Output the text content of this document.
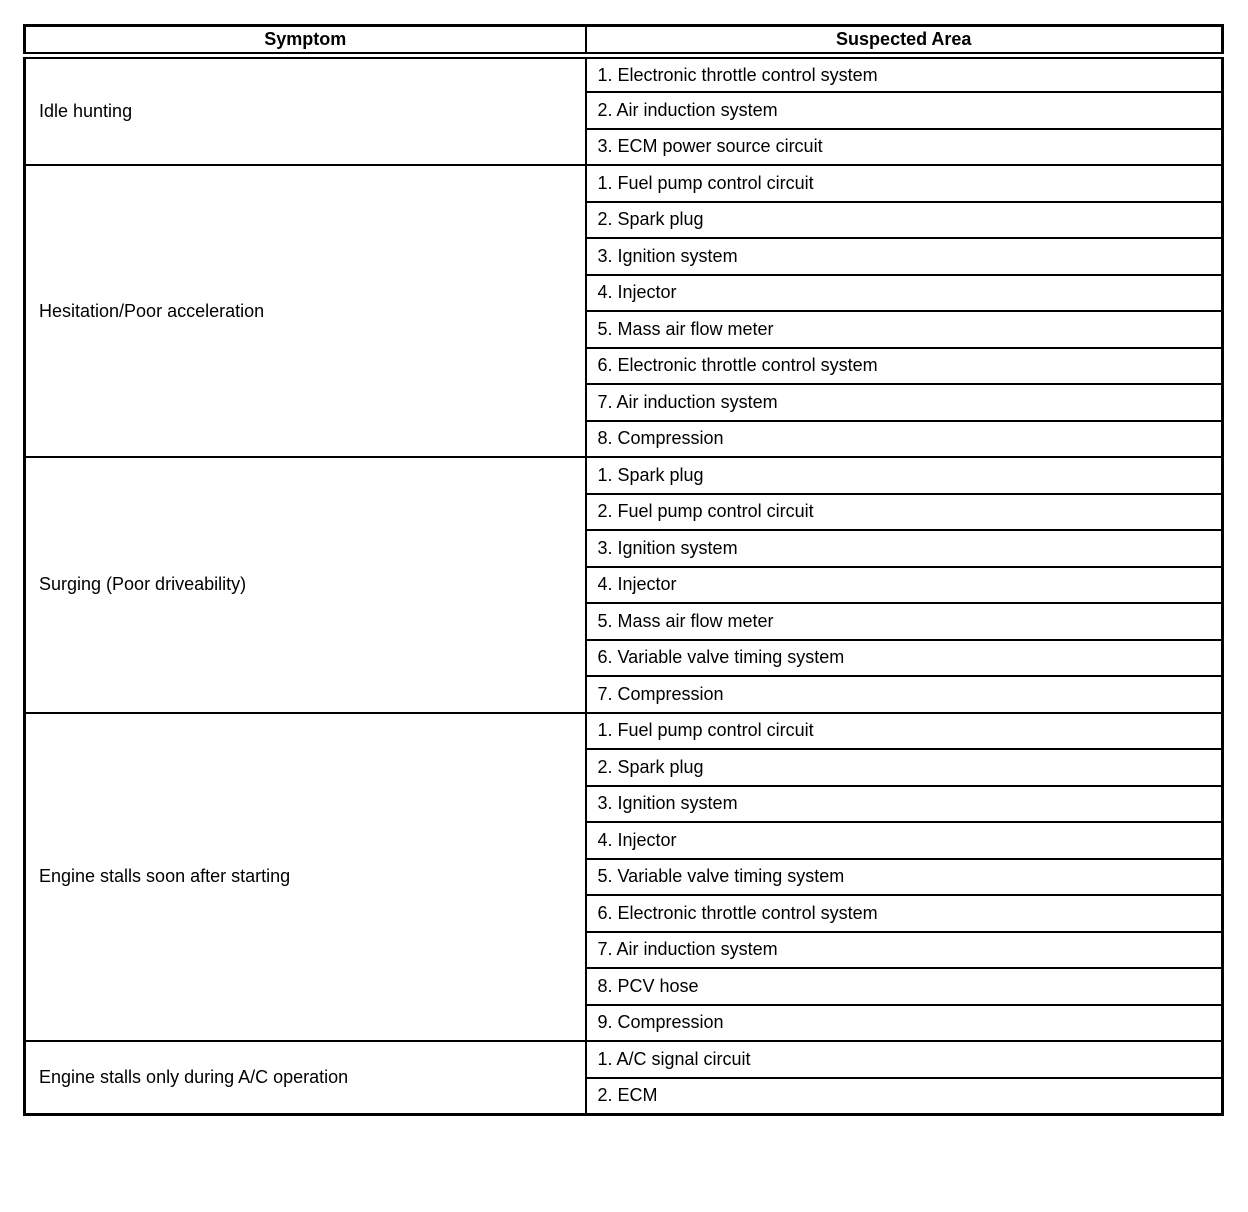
Symptom	Suspected Area
Idle hunting	1. Electronic throttle control system
	2. Air induction system
	3. ECM power source circuit
Hesitation/Poor acceleration	1. Fuel pump control circuit
	2. Spark plug
	3. Ignition system
	4. Injector
	5. Mass air flow meter
	6. Electronic throttle control system
	7. Air induction system
	8. Compression
Surging (Poor driveability)	1. Spark plug
	2. Fuel pump control circuit
	3. Ignition system
	4. Injector
	5. Mass air flow meter
	6. Variable valve timing system
	7. Compression
Engine stalls soon after starting	1. Fuel pump control circuit
	2. Spark plug
	3. Ignition system
	4. Injector
	5. Variable valve timing system
	6. Electronic throttle control system
	7. Air induction system
	8. PCV hose
	9. Compression
Engine stalls only during A/C operation	1. A/C signal circuit
	2. ECM
